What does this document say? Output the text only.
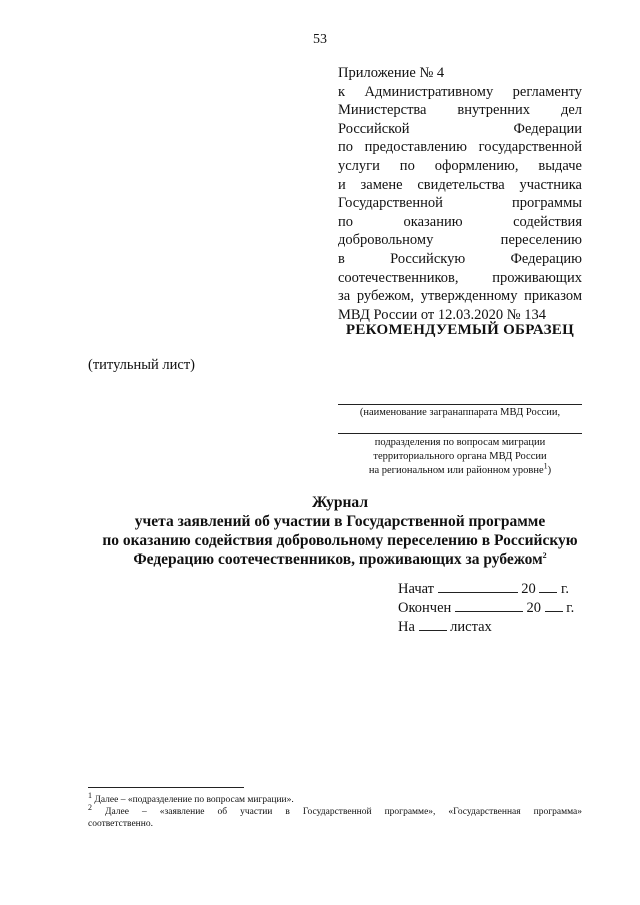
53
Приложение № 4
к Административному регламенту
Министерства внутренних дел
Российской Федерации
по предоставлению государственной
услуги по оформлению, выдаче
и замене свидетельства участника
Государственной программы
по оказанию содействия
добровольному переселению
в Российскую Федерацию
соотечественников, проживающих
за рубежом, утвержденному приказом
МВД России от 12.03.2020 № 134
РЕКОМЕНДУЕМЫЙ ОБРАЗЕЦ
(титульный лист)
(наименование загранаппарата МВД России,
подразделения по вопросам миграции
территориального органа МВД России
на региональном или районном уровне$^1$)
Журнал
учета заявлений об участии в Государственной программе
по оказанию содействия добровольному переселению в Российскую
Федерацию соотечественников, проживающих за рубежом$^2$
Начат	20 г.
Окончен	20 г.
На листах
$^1$ Далее – «подразделение по вопросам миграции».
$^2$ Далее – «заявление об участии в Государственной программе», «Государственная программа»
соответственно.
